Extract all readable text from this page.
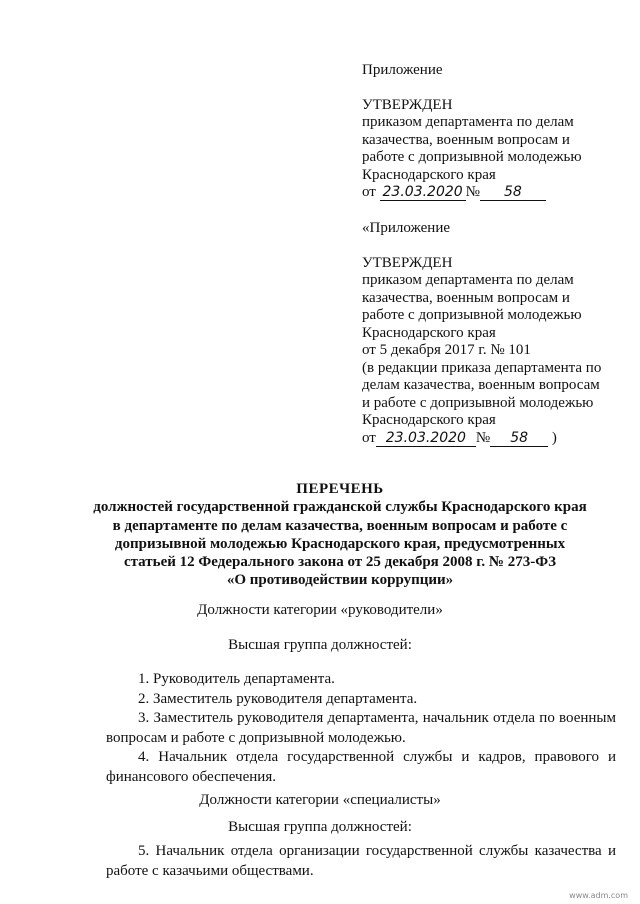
Приложение
УТВЕРЖДЕН
приказом департамента по делам
казачества, военным вопросам и
работе с допризывной молодежью
Краснодарского края
от 23.03.2020 № 58
«Приложение
УТВЕРЖДЕН
приказом департамента по делам
казачества, военным вопросам и
работе с допризывной молодежью
Краснодарского края
от 5 декабря 2017 г. № 101
(в редакции приказа департамента по
делам казачества, военным вопросам
и работе с допризывной молодежью
Краснодарского края
от 23.03.2020 № 58 )
ПЕРЕЧЕНЬ
должностей государственной гражданской службы Краснодарского края
в департаменте по делам казачества, военным вопросам и работе с
допризывной молодежью Краснодарского края, предусмотренных
статьей 12 Федерального закона от 25 декабря 2008 г. № 273-ФЗ
«О противодействии коррупции»
Должности категории «руководители»
Высшая группа должностей:
1. Руководитель департамента.
2. Заместитель руководителя департамента.
3. Заместитель руководителя департамента, начальник отдела по военным вопросам и работе с допризывной молодежью.
4. Начальник отдела государственной службы и кадров, правового и финансового обеспечения.
Должности категории «специалисты»
Высшая группа должностей:
5. Начальник отдела организации государственной службы казачества и работе с казачьими обществами.
www.adm.com
